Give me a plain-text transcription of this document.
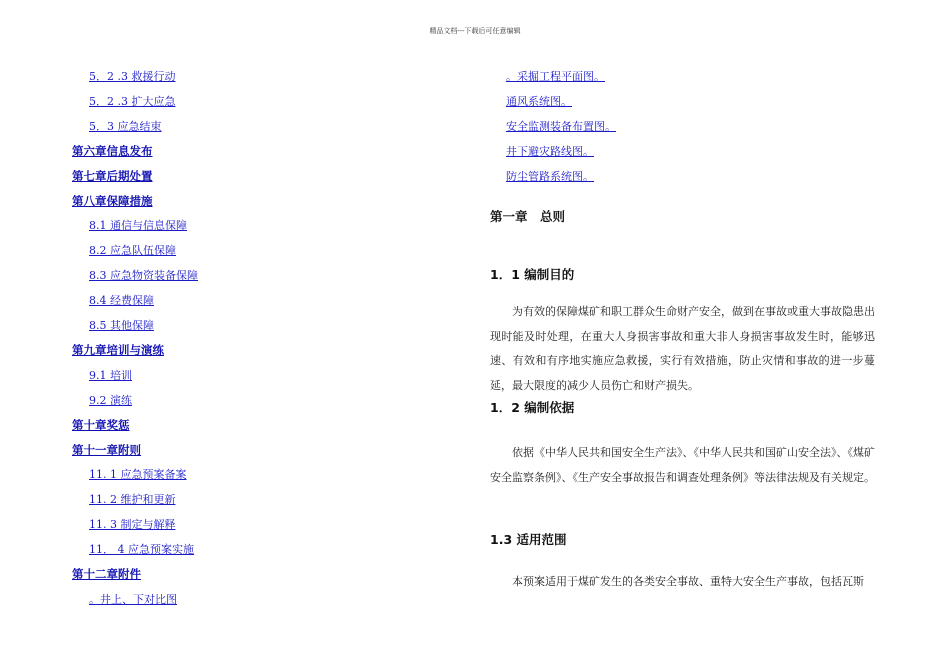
精品文档---下载后可任意编辑
5．2 .3 救援行动
5．2 .3 扩大应急
5．3 应急结束
第六章信息发布
第七章后期处置
第八章保障措施
8.1 通信与信息保障
8.2 应急队伍保障
8.3 应急物资装备保障
8.4 经费保障
8.5 其他保障
第九章培训与演练
9.1 培训
9.2 演练
第十章奖惩
第十一章附则
11. 1 应急预案备案
11. 2 维护和更新
11. 3 制定与解释
11． 4 应急预案实施
第十二章附件
。井上、下对比图
。采掘工程平面图。
通风系统图。
安全监测装备布置图。
井下避灾路线图。
防尘管路系统图。
第一章　总则
1．1 编制目的

为有效的保障煤矿和职工群众生命财产安全，做到在事故或重大事故隐患出现时能及时处理，在重大人身损害事故和重大非人身损害事故发生时，能够迅速、有效和有序地实施应急救援，实行有效措施，防止灾情和事故的进一步蔓延，最大限度的减少人员伤亡和财产损失。

1．2 编制依据

依据《中华人民共和国安全生产法》、《中华人民共和国矿山安全法》、《煤矿安全监察条例》、《生产安全事故报告和调查处理条例》等法律法规及有关规定。

1.3 适用范围

本预案适用于煤矿发生的各类安全事故、重特大安全生产事故，包括瓦斯
